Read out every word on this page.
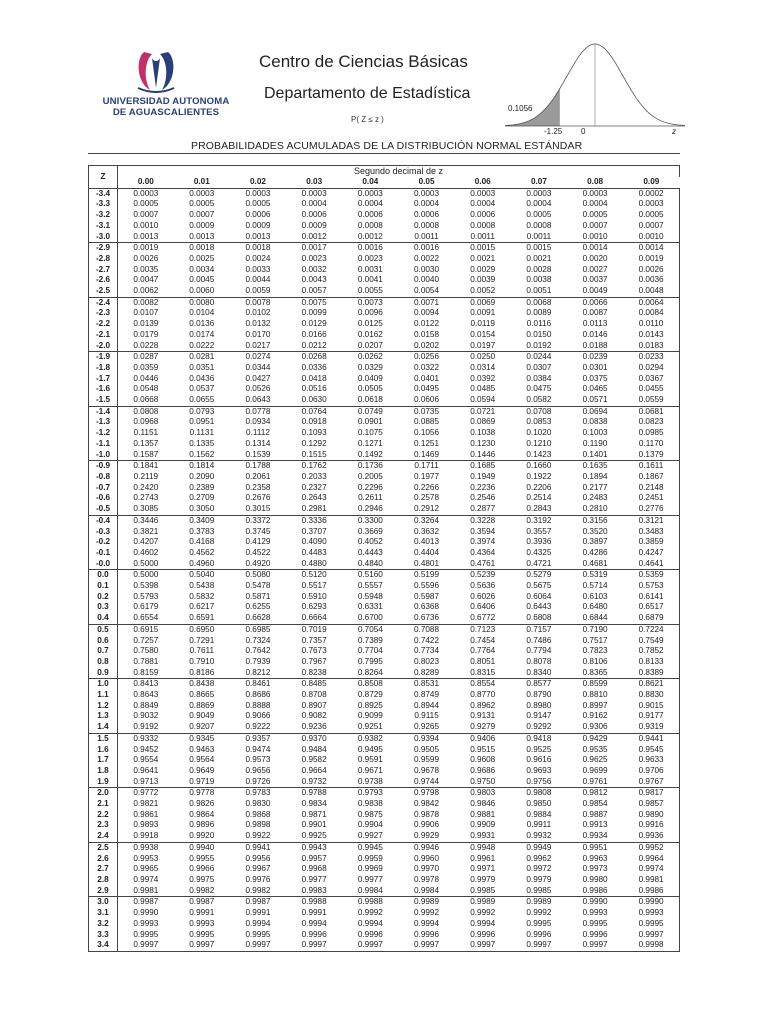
UNIVERSIDAD AUTONOMA
DE AGUASCALIENTES
Centro de Ciencias Básicas
Departamento de Estadística
P( Z ≤ z )
0.1056
-1.25 0	z
PROBABILIDADES ACUMULADAS DE LA DISTRIBUCIÓN NORMAL ESTÁNDAR
Z	Segundo decimal de z									
	0.00	0.01	0.02	0.03	0.04	0.05	0.06	0.07	0.08	0.09
-3.4	0.0003	0.0003	0.0003	0.0003	0.0003	0.0003	0.0003	0.0003	0.0003	0.0002
-3.3	0.0005	0.0005	0.0005	0.0004	0.0004	0.0004	0.0004	0.0004	0.0004	0.0003
-3.2	0.0007	0.0007	0.0006	0.0006	0.0006	0.0006	0.0006	0.0005	0.0005	0.0005
-3.1	0.0010	0.0009	0.0009	0.0009	0.0008	0.0008	0.0008	0.0008	0.0007	0.0007
-3.0	0.0013	0.0013	0.0013	0.0012	0.0012	0.0011	0.0011	0.0011	0.0010	0.0010
-2.9	0.0019	0.0018	0.0018	0.0017	0.0016	0.0016	0.0015	0.0015	0.0014	0.0014
-2.8	0.0026	0.0025	0.0024	0.0023	0.0023	0.0022	0.0021	0.0021	0.0020	0.0019
-2.7	0.0035	0.0034	0.0033	0.0032	0.0031	0.0030	0.0029	0.0028	0.0027	0.0026
-2.6	0.0047	0.0045	0.0044	0.0043	0.0041	0.0040	0.0039	0.0038	0.0037	0.0036
-2.5	0.0062	0.0060	0.0059	0.0057	0.0055	0.0054	0.0052	0.0051	0.0049	0.0048
-2.4	0.0082	0.0080	0.0078	0.0075	0.0073	0.0071	0.0069	0.0068	0.0066	0.0064
-2.3	0.0107	0.0104	0.0102	0.0099	0.0096	0.0094	0.0091	0.0089	0.0087	0.0084
-2.2	0.0139	0.0136	0.0132	0.0129	0.0125	0.0122	0.0119	0.0116	0.0113	0.0110
-2.1	0.0179	0.0174	0.0170	0.0166	0.0162	0.0158	0.0154	0.0150	0.0146	0.0143
-2.0	0.0228	0.0222	0.0217	0.0212	0.0207	0.0202	0.0197	0.0192	0.0188	0.0183
-1.9	0.0287	0.0281	0.0274	0.0268	0.0262	0.0256	0.0250	0.0244	0.0239	0.0233
-1.8	0.0359	0.0351	0.0344	0.0336	0.0329	0.0322	0.0314	0.0307	0.0301	0.0294
-1.7	0.0446	0.0436	0.0427	0.0418	0.0409	0.0401	0.0392	0.0384	0.0375	0.0367
-1.6	0.0548	0.0537	0.0526	0.0516	0.0505	0.0495	0.0485	0.0475	0.0465	0.0455
-1.5	0.0668	0.0655	0.0643	0.0630	0.0618	0.0606	0.0594	0.0582	0.0571	0.0559
-1.4	0.0808	0.0793	0.0778	0.0764	0.0749	0.0735	0.0721	0.0708	0.0694	0.0681
-1.3	0.0968	0.0951	0.0934	0.0918	0.0901	0.0885	0.0869	0.0853	0.0838	0.0823
-1.2	0.1151	0.1131	0.1112	0.1093	0.1075	0.1056	0.1038	0.1020	0.1003	0.0985
-1.1	0.1357	0.1335	0.1314	0.1292	0.1271	0.1251	0.1230	0.1210	0.1190	0.1170
-1.0	0.1587	0.1562	0.1539	0.1515	0.1492	0.1469	0.1446	0.1423	0.1401	0.1379
-0.9	0.1841	0.1814	0.1788	0.1762	0.1736	0.1711	0.1685	0.1660	0.1635	0.1611
-0.8	0.2119	0.2090	0.2061	0.2033	0.2005	0.1977	0.1949	0.1922	0.1894	0.1867
-0.7	0.2420	0.2389	0.2358	0.2327	0.2296	0.2266	0.2236	0.2206	0.2177	0.2148
-0.6	0.2743	0.2709	0.2676	0.2643	0.2611	0.2578	0.2546	0.2514	0.2483	0.2451
-0.5	0.3085	0.3050	0.3015	0.2981	0.2946	0.2912	0.2877	0.2843	0.2810	0.2776
-0.4	0.3446	0.3409	0.3372	0.3336	0.3300	0.3264	0.3228	0.3192	0.3156	0.3121
-0.3	0.3821	0.3783	0.3745	0.3707	0.3669	0.3632	0.3594	0.3557	0.3520	0.3483
-0.2	0.4207	0.4168	0.4129	0.4090	0.4052	0.4013	0.3974	0.3936	0.3897	0.3859
-0.1	0.4602	0.4562	0.4522	0.4483	0.4443	0.4404	0.4364	0.4325	0.4286	0.4247
-0.0	0.5000	0.4960	0.4920	0.4880	0.4840	0.4801	0.4761	0.4721	0.4681	0.4641
0.0	0.5000	0.5040	0.5080	0.5120	0.5160	0.5199	0.5239	0.5279	0.5319	0.5359
0.1	0.5398	0.5438	0.5478	0.5517	0.5557	0.5596	0.5636	0.5675	0.5714	0.5753
0.2	0.5793	0.5832	0.5871	0.5910	0.5948	0.5987	0.6026	0.6064	0.6103	0.6141
0.3	0.6179	0.6217	0.6255	0.6293	0.6331	0.6368	0.6406	0.6443	0.6480	0.6517
0.4	0.6554	0.6591	0.6628	0.6664	0.6700	0.6736	0.6772	0.6808	0.6844	0.6879
0.5	0.6915	0.6950	0.6985	0.7019	0.7054	0.7088	0.7123	0.7157	0.7190	0.7224
0.6	0.7257	0.7291	0.7324	0.7357	0.7389	0.7422	0.7454	0.7486	0.7517	0.7549
0.7	0.7580	0.7611	0.7642	0.7673	0.7704	0.7734	0.7764	0.7794	0.7823	0.7852
0.8	0.7881	0.7910	0.7939	0.7967	0.7995	0.8023	0.8051	0.8078	0.8106	0.8133
0.9	0.8159	0.8186	0.8212	0.8238	0.8264	0.8289	0.8315	0.8340	0.8365	0.8389
1.0	0.8413	0.8438	0.8461	0.8485	0.8508	0.8531	0.8554	0.8577	0.8599	0.8621
1.1	0.8643	0.8665	0.8686	0.8708	0.8729	0.8749	0.8770	0.8790	0.8810	0.8830
1.2	0.8849	0.8869	0.8888	0.8907	0.8925	0.8944	0.8962	0.8980	0.8997	0.9015
1.3	0.9032	0.9049	0.9066	0.9082	0.9099	0.9115	0.9131	0.9147	0.9162	0.9177
1.4	0.9192	0.9207	0.9222	0.9236	0.9251	0.9265	0.9279	0.9292	0.9306	0.9319
1.5	0.9332	0.9345	0.9357	0.9370	0.9382	0.9394	0.9406	0.9418	0.9429	0.9441
1.6	0.9452	0.9463	0.9474	0.9484	0.9495	0.9505	0.9515	0.9525	0.9535	0.9545
1.7	0.9554	0.9564	0.9573	0.9582	0.9591	0.9599	0.9608	0.9616	0.9625	0.9633
1.8	0.9641	0.9649	0.9656	0.9664	0.9671	0.9678	0.9686	0.9693	0.9699	0.9706
1.9	0.9713	0.9719	0.9726	0.9732	0.9738	0.9744	0.9750	0.9756	0.9761	0.9767
2.0	0.9772	0.9778	0.9783	0.9788	0.9793	0.9798	0.9803	0.9808	0.9812	0.9817
2.1	0.9821	0.9826	0.9830	0.9834	0.9838	0.9842	0.9846	0.9850	0.9854	0.9857
2.2	0.9861	0.9864	0.9868	0.9871	0.9875	0.9878	0.9881	0.9884	0.9887	0.9890
2.3	0.9893	0.9896	0.9898	0.9901	0.9904	0.9906	0.9909	0.9911	0.9913	0.9916
2.4	0.9918	0.9920	0.9922	0.9925	0.9927	0.9929	0.9931	0.9932	0.9934	0.9936
2.5	0.9938	0.9940	0.9941	0.9943	0.9945	0.9946	0.9948	0.9949	0.9951	0.9952
2.6	0.9953	0.9955	0.9956	0.9957	0.9959	0.9960	0.9961	0.9962	0.9963	0.9964
2.7	0.9965	0.9966	0.9967	0.9968	0.9969	0.9970	0.9971	0.9972	0.9973	0.9974
2.8	0.9974	0.9975	0.9976	0.9977	0.9977	0.9978	0.9979	0.9979	0.9980	0.9981
2.9	0.9981	0.9982	0.9982	0.9983	0.9984	0.9984	0.9985	0.9985	0.9986	0.9986
3.0	0.9987	0.9987	0.9987	0.9988	0.9988	0.9989	0.9989	0.9989	0.9990	0.9990
3.1	0.9990	0.9991	0.9991	0.9991	0.9992	0.9992	0.9992	0.9992	0.9993	0.9993
3.2	0.9993	0.9993	0.9994	0.9994	0.9994	0.9994	0.9994	0.9995	0.9995	0.9995
3.3	0.9995	0.9995	0.9995	0.9996	0.9996	0.9996	0.9996	0.9996	0.9996	0.9997
3.4	0.9997	0.9997	0.9997	0.9997	0.9997	0.9997	0.9997	0.9997	0.9997	0.9998
